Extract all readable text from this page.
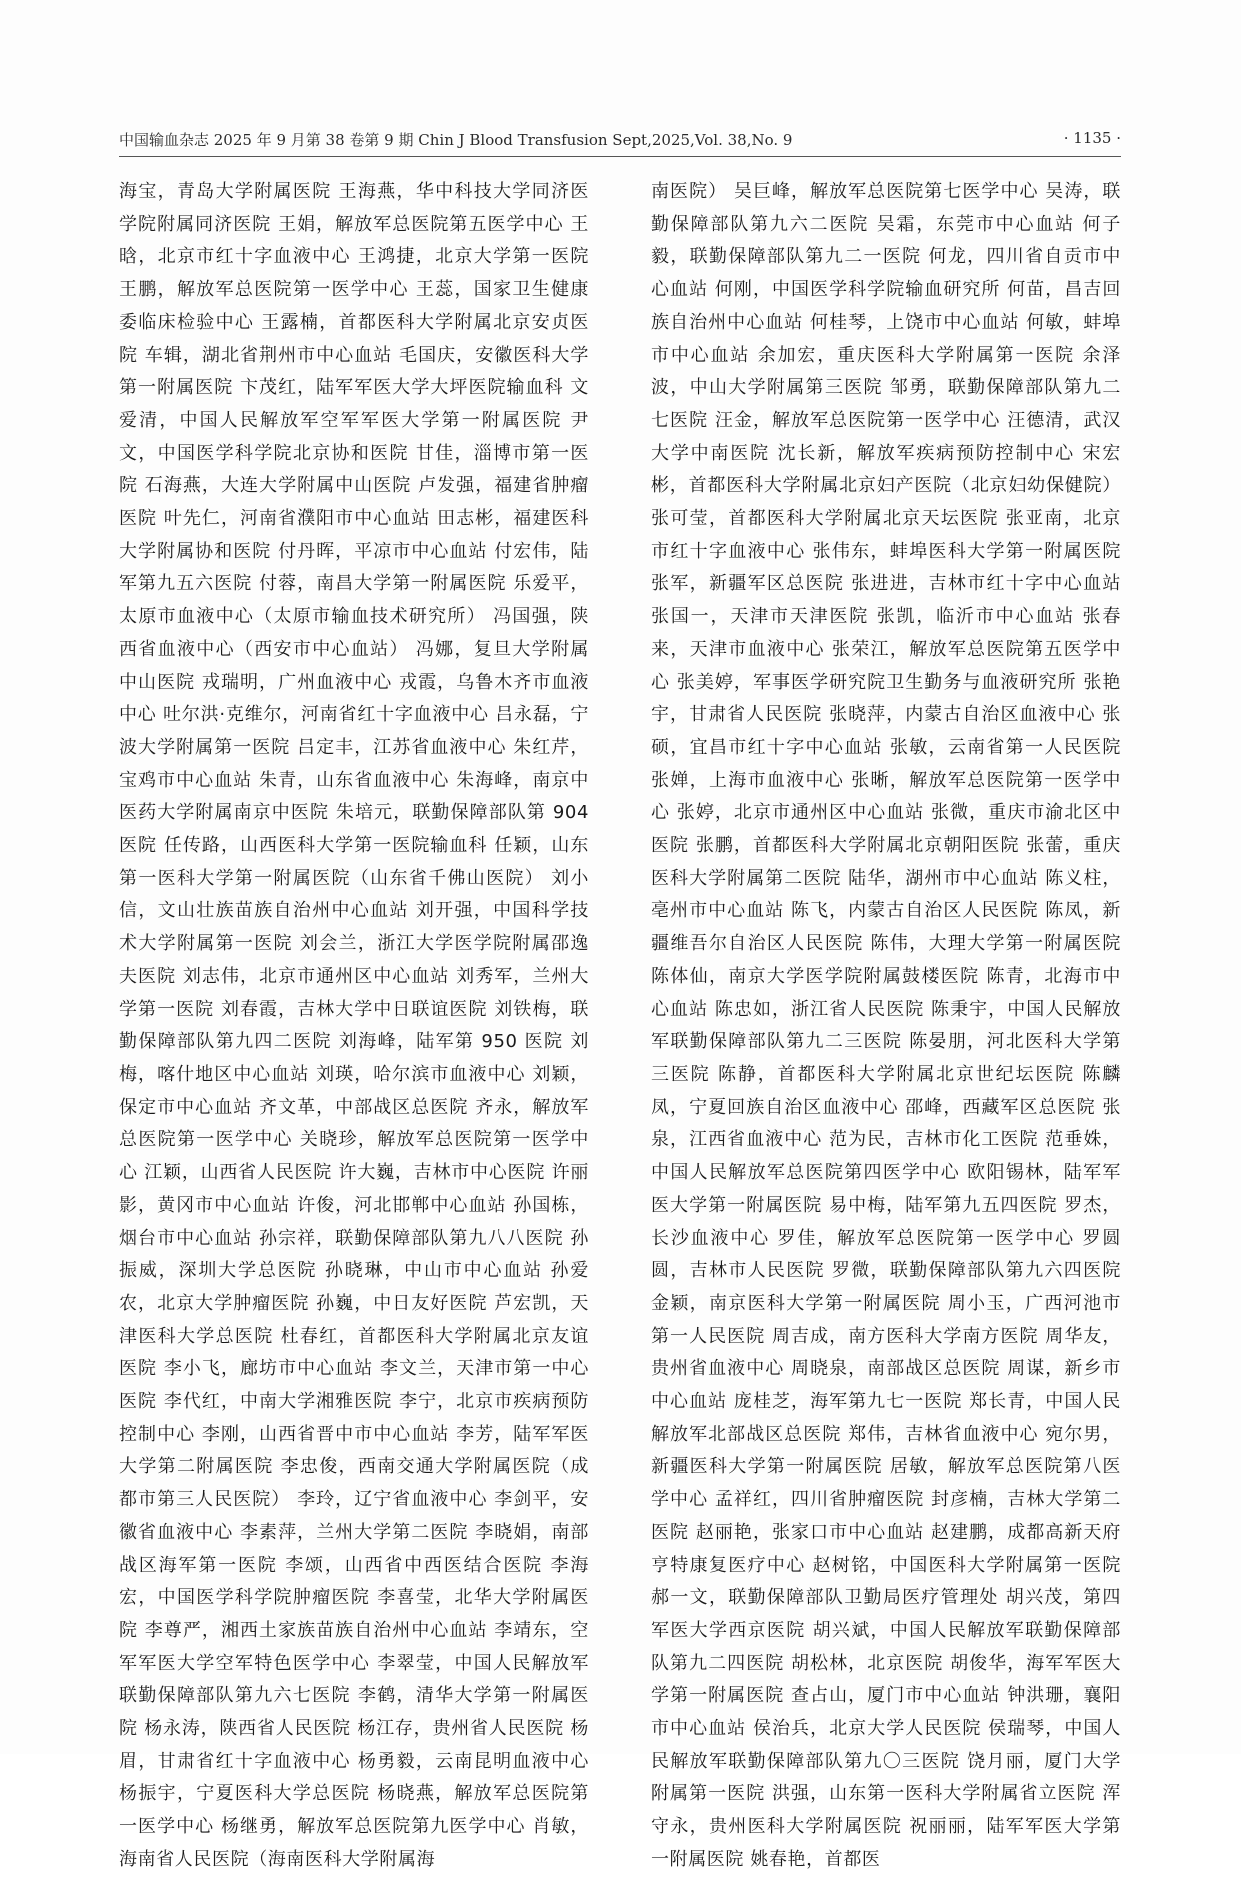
中国输血杂志 2025 年 9 月第 38 卷第 9 期 Chin J Blood Transfusion Sept,2025,Vol. 38,No. 9	· 1135 ·
海宝，青岛大学附属医院 王海燕，华中科技大学同济医学院附属同济医院 王娟，解放军总医院第五医学中心 王晗，北京市红十字血液中心 王鸿捷，北京大学第一医院 王鹏，解放军总医院第一医学中心 王蕊，国家卫生健康委临床检验中心 王露楠，首都医科大学附属北京安贞医院 车辑，湖北省荆州市中心血站 毛国庆，安徽医科大学第一附属医院 卞茂红，陆军军医大学大坪医院输血科 文爱清，中国人民解放军空军军医大学第一附属医院 尹文，中国医学科学院北京协和医院 甘佳，淄博市第一医院 石海燕，大连大学附属中山医院 卢发强，福建省肿瘤医院 叶先仁，河南省濮阳市中心血站 田志彬，福建医科大学附属协和医院 付丹晖，平凉市中心血站 付宏伟，陆军第九五六医院 付蓉，南昌大学第一附属医院 乐爱平，太原市血液中心（太原市输血技术研究所） 冯国强，陕西省血液中心（西安市中心血站） 冯娜，复旦大学附属中山医院 戎瑞明，广州血液中心 戎霞，乌鲁木齐市血液中心 吐尔洪·克维尔，河南省红十字血液中心 吕永磊，宁波大学附属第一医院 吕定丰，江苏省血液中心 朱红芹，宝鸡市中心血站 朱青，山东省血液中心 朱海峰，南京中医药大学附属南京中医院 朱培元，联勤保障部队第 904 医院 任传路，山西医科大学第一医院输血科 任颖，山东第一医科大学第一附属医院（山东省千佛山医院） 刘小信，文山壮族苗族自治州中心血站 刘开强，中国科学技术大学附属第一医院 刘会兰，浙江大学医学院附属邵逸夫医院 刘志伟，北京市通州区中心血站 刘秀军，兰州大学第一医院 刘春霞，吉林大学中日联谊医院 刘铁梅，联勤保障部队第九四二医院 刘海峰，陆军第 950 医院 刘梅，喀什地区中心血站 刘瑛，哈尔滨市血液中心 刘颖，保定市中心血站 齐文革，中部战区总医院 齐永，解放军总医院第一医学中心 关晓珍，解放军总医院第一医学中心 江颖，山西省人民医院 许大巍，吉林市中心医院 许丽影，黄冈市中心血站 许俊，河北邯郸中心血站 孙国栋，烟台市中心血站 孙宗祥，联勤保障部队第九八八医院 孙振威，深圳大学总医院 孙晓琳，中山市中心血站 孙爱农，北京大学肿瘤医院 孙巍，中日友好医院 芦宏凯，天津医科大学总医院 杜春红，首都医科大学附属北京友谊医院 李小飞，廊坊市中心血站 李文兰，天津市第一中心医院 李代红，中南大学湘雅医院 李宁，北京市疾病预防控制中心 李刚，山西省晋中市中心血站 李芳，陆军军医大学第二附属医院 李忠俊，西南交通大学附属医院（成都市第三人民医院） 李玲，辽宁省血液中心 李剑平，安徽省血液中心 李素萍，兰州大学第二医院 李晓娟，南部战区海军第一医院 李颂，山西省中西医结合医院 李海宏，中国医学科学院肿瘤医院 李喜莹，北华大学附属医院 李尊严，湘西土家族苗族自治州中心血站 李靖东，空军军医大学空军特色医学中心 李翠莹，中国人民解放军联勤保障部队第九六七医院 李鹤，清华大学第一附属医院 杨永涛，陕西省人民医院 杨江存，贵州省人民医院 杨眉，甘肃省红十字血液中心 杨勇毅，云南昆明血液中心 杨振宇，宁夏医科大学总医院 杨晓燕，解放军总医院第一医学中心 杨继勇，解放军总医院第九医学中心 肖敏，海南省人民医院（海南医科大学附属海
南医院） 吴巨峰，解放军总医院第七医学中心 吴涛，联勤保障部队第九六二医院 吴霜，东莞市中心血站 何子毅，联勤保障部队第九二一医院 何龙，四川省自贡市中心血站 何刚，中国医学科学院输血研究所 何苗，昌吉回族自治州中心血站 何桂琴，上饶市中心血站 何敏，蚌埠市中心血站 余加宏，重庆医科大学附属第一医院 余泽波，中山大学附属第三医院 邹勇，联勤保障部队第九二七医院 汪金，解放军总医院第一医学中心 汪德清，武汉大学中南医院 沈长新，解放军疾病预防控制中心 宋宏彬，首都医科大学附属北京妇产医院（北京妇幼保健院） 张可莹，首都医科大学附属北京天坛医院 张亚南，北京市红十字血液中心 张伟东，蚌埠医科大学第一附属医院 张军，新疆军区总医院 张进进，吉林市红十字中心血站 张国一，天津市天津医院 张凯，临沂市中心血站 张春来，天津市血液中心 张荣江，解放军总医院第五医学中心 张美婷，军事医学研究院卫生勤务与血液研究所 张艳宇，甘肃省人民医院 张晓萍，内蒙古自治区血液中心 张硕，宜昌市红十字中心血站 张敏，云南省第一人民医院 张婵，上海市血液中心 张晰，解放军总医院第一医学中心 张婷，北京市通州区中心血站 张微，重庆市渝北区中医院 张鹏，首都医科大学附属北京朝阳医院 张蕾，重庆医科大学附属第二医院 陆华，湖州市中心血站 陈义柱，亳州市中心血站 陈飞，内蒙古自治区人民医院 陈凤，新疆维吾尔自治区人民医院 陈伟，大理大学第一附属医院 陈体仙，南京大学医学院附属鼓楼医院 陈青，北海市中心血站 陈忠如，浙江省人民医院 陈秉宇，中国人民解放军联勤保障部队第九二三医院 陈晏朋，河北医科大学第三医院 陈静，首都医科大学附属北京世纪坛医院 陈麟凤，宁夏回族自治区血液中心 邵峰，西藏军区总医院 张泉，江西省血液中心 范为民，吉林市化工医院 范垂姝，中国人民解放军总医院第四医学中心 欧阳锡林，陆军军医大学第一附属医院 易中梅，陆军第九五四医院 罗杰，长沙血液中心 罗佳，解放军总医院第一医学中心 罗圆圆，吉林市人民医院 罗微，联勤保障部队第九六四医院 金颖，南京医科大学第一附属医院 周小玉，广西河池市第一人民医院 周吉成，南方医科大学南方医院 周华友，贵州省血液中心 周晓泉，南部战区总医院 周谋，新乡市中心血站 庞桂芝，海军第九七一医院 郑长青，中国人民解放军北部战区总医院 郑伟，吉林省血液中心 宛尔男，新疆医科大学第一附属医院 居敏，解放军总医院第八医学中心 孟祥红，四川省肿瘤医院 封彦楠，吉林大学第二医院 赵丽艳，张家口市中心血站 赵建鹏，成都高新天府亨特康复医疗中心 赵树铭，中国医科大学附属第一医院 郝一文，联勤保障部队卫勤局医疗管理处 胡兴茂，第四军医大学西京医院 胡兴斌，中国人民解放军联勤保障部队第九二四医院 胡松林，北京医院 胡俊华，海军军医大学第一附属医院 查占山，厦门市中心血站 钟洪珊，襄阳市中心血站 侯治兵，北京大学人民医院 侯瑞琴，中国人民解放军联勤保障部队第九〇三医院 饶月丽，厦门大学附属第一医院 洪强，山东第一医科大学附属省立医院 浑守永，贵州医科大学附属医院 祝丽丽，陆军军医大学第一附属医院 姚春艳，首都医
